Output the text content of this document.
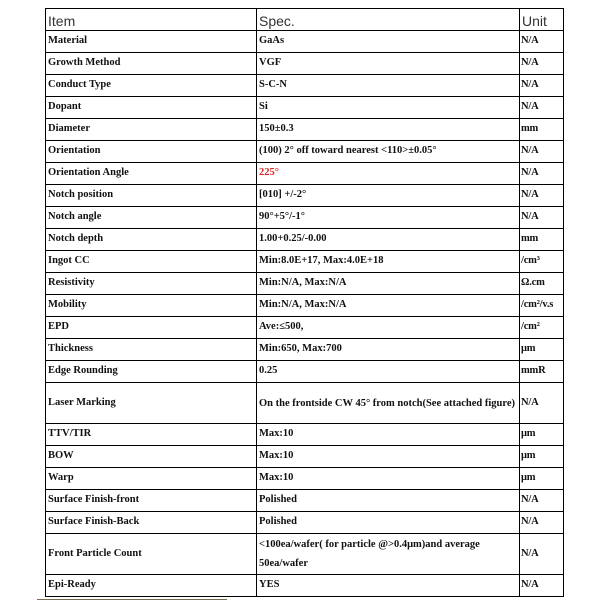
Item	Spec.	Unit
Material	GaAs	N/A
Growth Method	VGF	N/A
Conduct Type	S-C-N	N/A
Dopant	Si	N/A
Diameter	150±0.3	mm
Orientation	(100) 2° off toward nearest <110>±0.05°	N/A
Orientation Angle	225°	N/A
Notch position	[010] +/-2°	N/A
Notch angle	90°+5°/-1°	N/A
Notch depth	1.00+0.25/-0.00	mm
Ingot CC	Min:8.0E+17, Max:4.0E+18	/cm³
Resistivity	Min:N/A, Max:N/A	Ω.cm
Mobility	Min:N/A, Max:N/A	/cm²/v.s
EPD	Ave:≤500,	/cm²
Thickness	Min:650, Max:700	μm
Edge Rounding	0.25	mmR
Laser Marking	On the frontside CW 45° from notch(See attached figure)	N/A
TTV/TIR	Max:10	μm
BOW	Max:10	μm
Warp	Max:10	μm
Surface Finish-front	Polished	N/A
Surface Finish-Back	Polished	N/A
Front Particle Count	<100ea/wafer( for particle @>0.4μm)and average 50ea/wafer	N/A
Epi-Ready	YES	N/A
